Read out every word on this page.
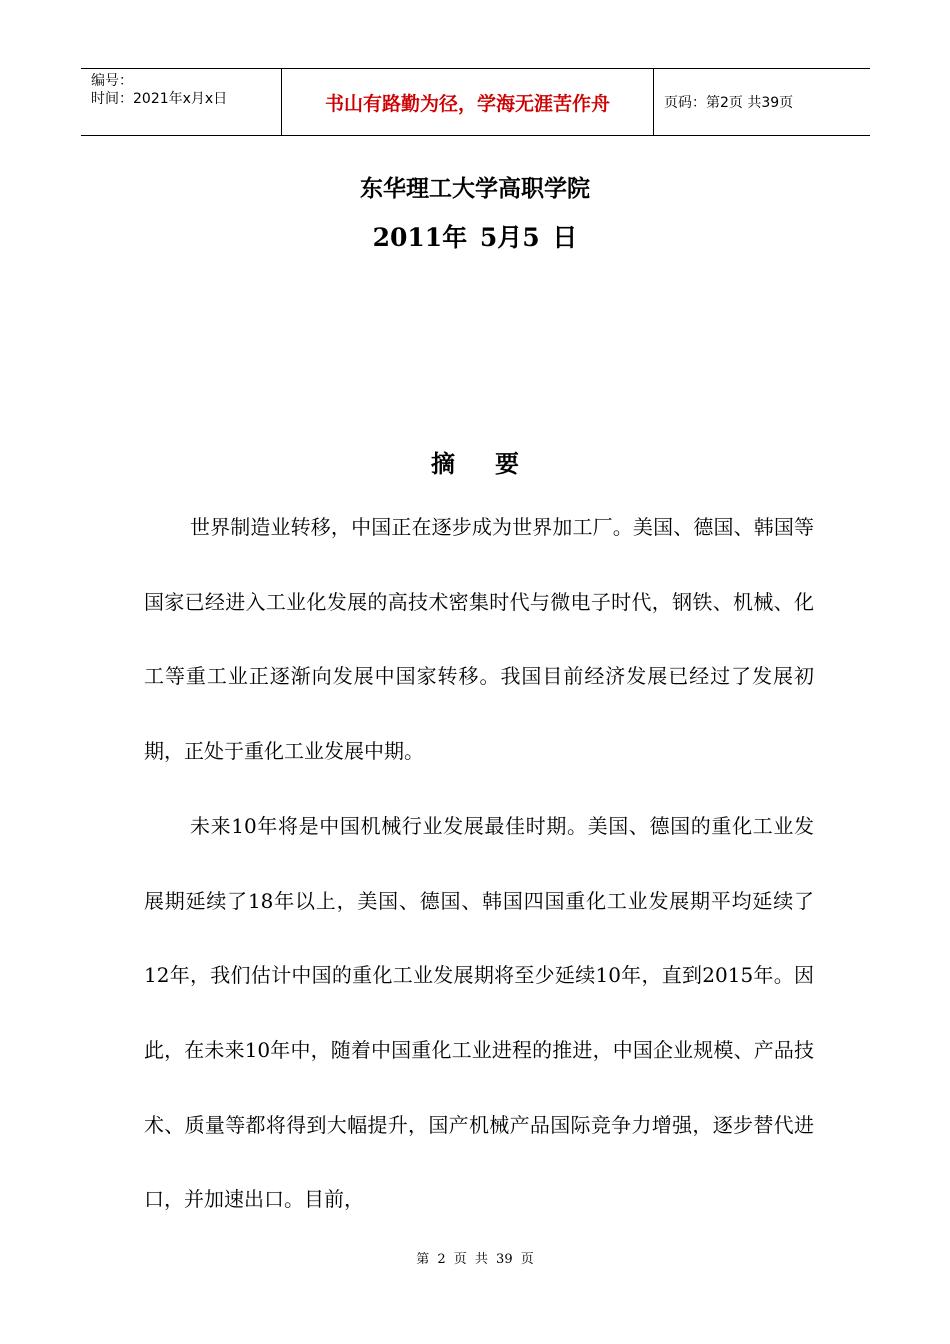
编号：
时间：2021年x月x日	书山有路勤为径，学海无涯苦作舟	页码：第2页 共39页
东华理工大学高职学院
2011年 5月5 日
摘要

世界制造业转移，中国正在逐步成为世界加工厂。美国、德国、韩国等国家已经进入工业化发展的高技术密集时代与微电子时代，钢铁、机械、化工等重工业正逐渐向发展中国家转移。我国目前经济发展已经过了发展初期，正处于重化工业发展中期。

未来10年将是中国机械行业发展最佳时期。美国、德国的重化工业发展期延续了18年以上，美国、德国、韩国四国重化工业发展期平均延续了12年，我们估计中国的重化工业发展期将至少延续10年，直到2015年。因此，在未来10年中，随着中国重化工业进程的推进，中国企业规模、产品技术、质量等都将得到大幅提升，国产机械产品国际竞争力增强，逐步替代进口，并加速出口。目前，

第 2 页 共 39 页
